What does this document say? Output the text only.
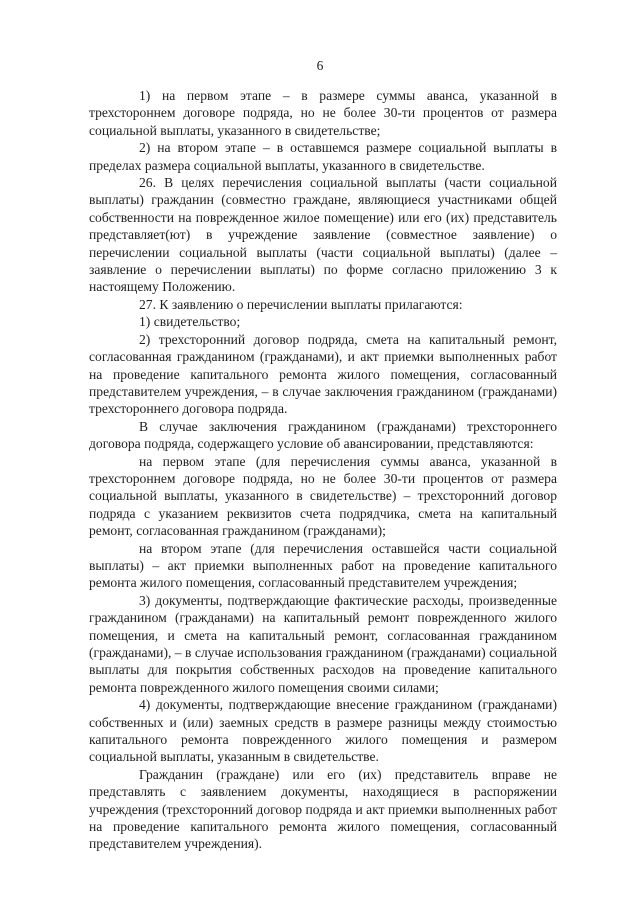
6

1) на первом этапе – в размере суммы аванса, указанной в трехстороннем договоре подряда, но не более 30-ти процентов от размера социальной выплаты, указанного в свидетельстве;

2) на втором этапе – в оставшемся размере социальной выплаты в пределах размера социальной выплаты, указанного в свидетельстве.

26. В целях перечисления социальной выплаты (части социальной выплаты) гражданин (совместно граждане, являющиеся участниками общей собственности на поврежденное жилое помещение) или его (их) представитель представляет(ют) в учреждение заявление (совместное заявление) о перечислении социальной выплаты (части социальной выплаты) (далее – заявление о перечислении выплаты) по форме согласно приложению 3 к настоящему Положению.

27. К заявлению о перечислении выплаты прилагаются:

1) свидетельство;

2) трехсторонний договор подряда, смета на капитальный ремонт, согласованная гражданином (гражданами), и акт приемки выполненных работ на проведение капитального ремонта жилого помещения, согласованный представителем учреждения, – в случае заключения гражданином (гражданами) трехстороннего договора подряда.

В случае заключения гражданином (гражданами) трехстороннего договора подряда, содержащего условие об авансировании, представляются:

на первом этапе (для перечисления суммы аванса, указанной в трехстороннем договоре подряда, но не более 30-ти процентов от размера социальной выплаты, указанного в свидетельстве) – трехсторонний договор подряда с указанием реквизитов счета подрядчика, смета на капитальный ремонт, согласованная гражданином (гражданами);

на втором этапе (для перечисления оставшейся части социальной выплаты) – акт приемки выполненных работ на проведение капитального ремонта жилого помещения, согласованный представителем учреждения;

3) документы, подтверждающие фактические расходы, произведенные гражданином (гражданами) на капитальный ремонт поврежденного жилого помещения, и смета на капитальный ремонт, согласованная гражданином (гражданами), – в случае использования гражданином (гражданами) социальной выплаты для покрытия собственных расходов на проведение капитального ремонта поврежденного жилого помещения своими силами;

4) документы, подтверждающие внесение гражданином (гражданами) собственных и (или) заемных средств в размере разницы между стоимостью капитального ремонта поврежденного жилого помещения и размером социальной выплаты, указанным в свидетельстве.

Гражданин (граждане) или его (их) представитель вправе не представлять с заявлением документы, находящиеся в распоряжении учреждения (трехсторонний договор подряда и акт приемки выполненных работ на проведение капитального ремонта жилого помещения, согласованный представителем учреждения).
